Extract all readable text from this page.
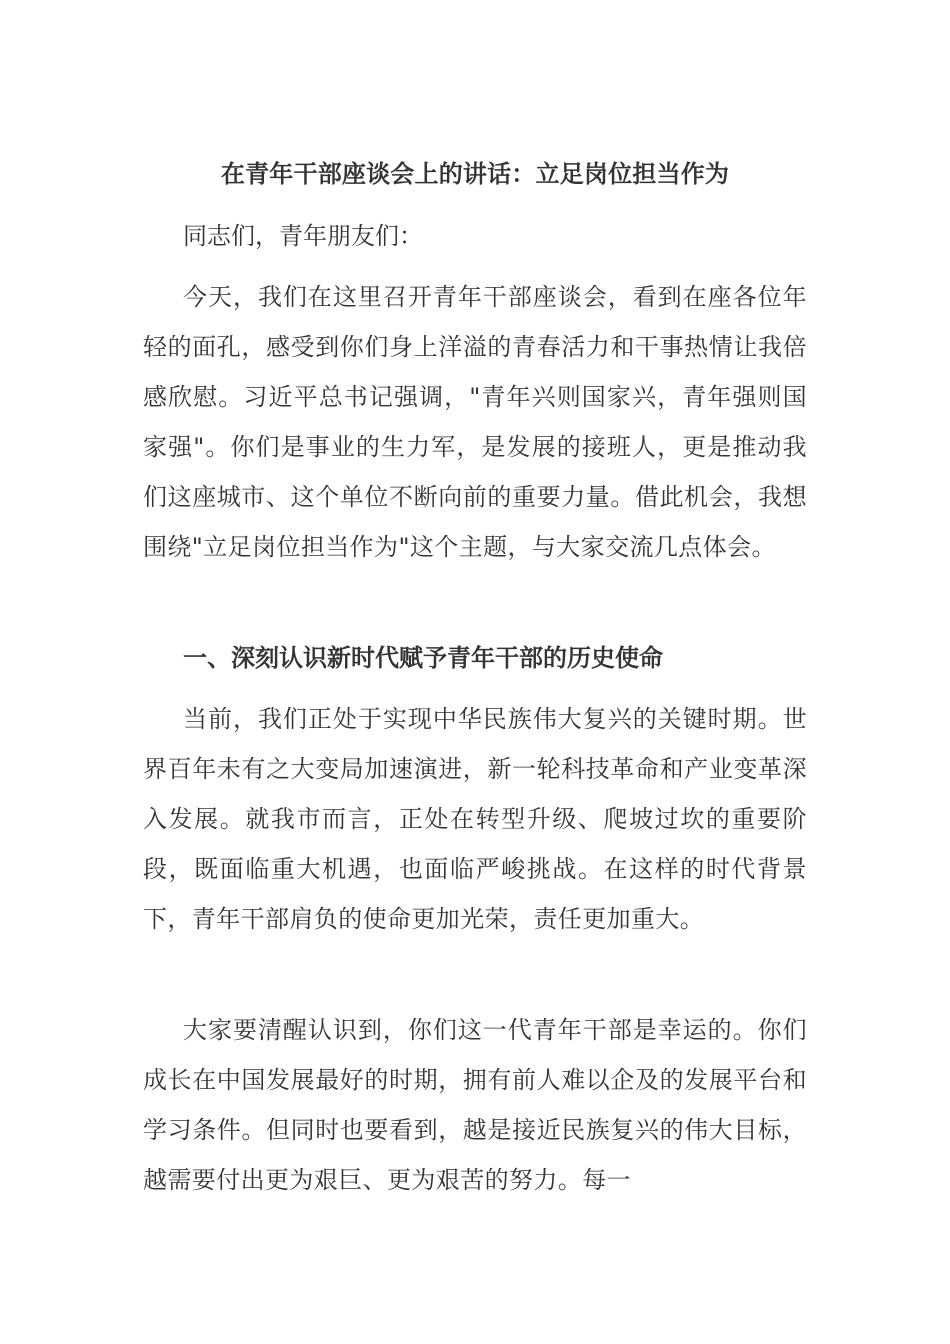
在青年干部座谈会上的讲话：立足岗位担当作为
同志们，青年朋友们：
今天，我们在这里召开青年干部座谈会，看到在座各位年轻的面孔，感受到你们身上洋溢的青春活力和干事热情让我倍感欣慰。习近平总书记强调，"青年兴则国家兴，青年强则国家强"。你们是事业的生力军，是发展的接班人，更是推动我们这座城市、这个单位不断向前的重要力量。借此机会，我想围绕"立足岗位担当作为"这个主题，与大家交流几点体会。
一、深刻认识新时代赋予青年干部的历史使命
当前，我们正处于实现中华民族伟大复兴的关键时期。世界百年未有之大变局加速演进，新一轮科技革命和产业变革深入发展。就我市而言，正处在转型升级、爬坡过坎的重要阶段，既面临重大机遇，也面临严峻挑战。在这样的时代背景下，青年干部肩负的使命更加光荣，责任更加重大。
大家要清醒认识到，你们这一代青年干部是幸运的。你们成长在中国发展最好的时期，拥有前人难以企及的发展平台和学习条件。但同时也要看到，越是接近民族复兴的伟大目标，越需要付出更为艰巨、更为艰苦的努力。每一
